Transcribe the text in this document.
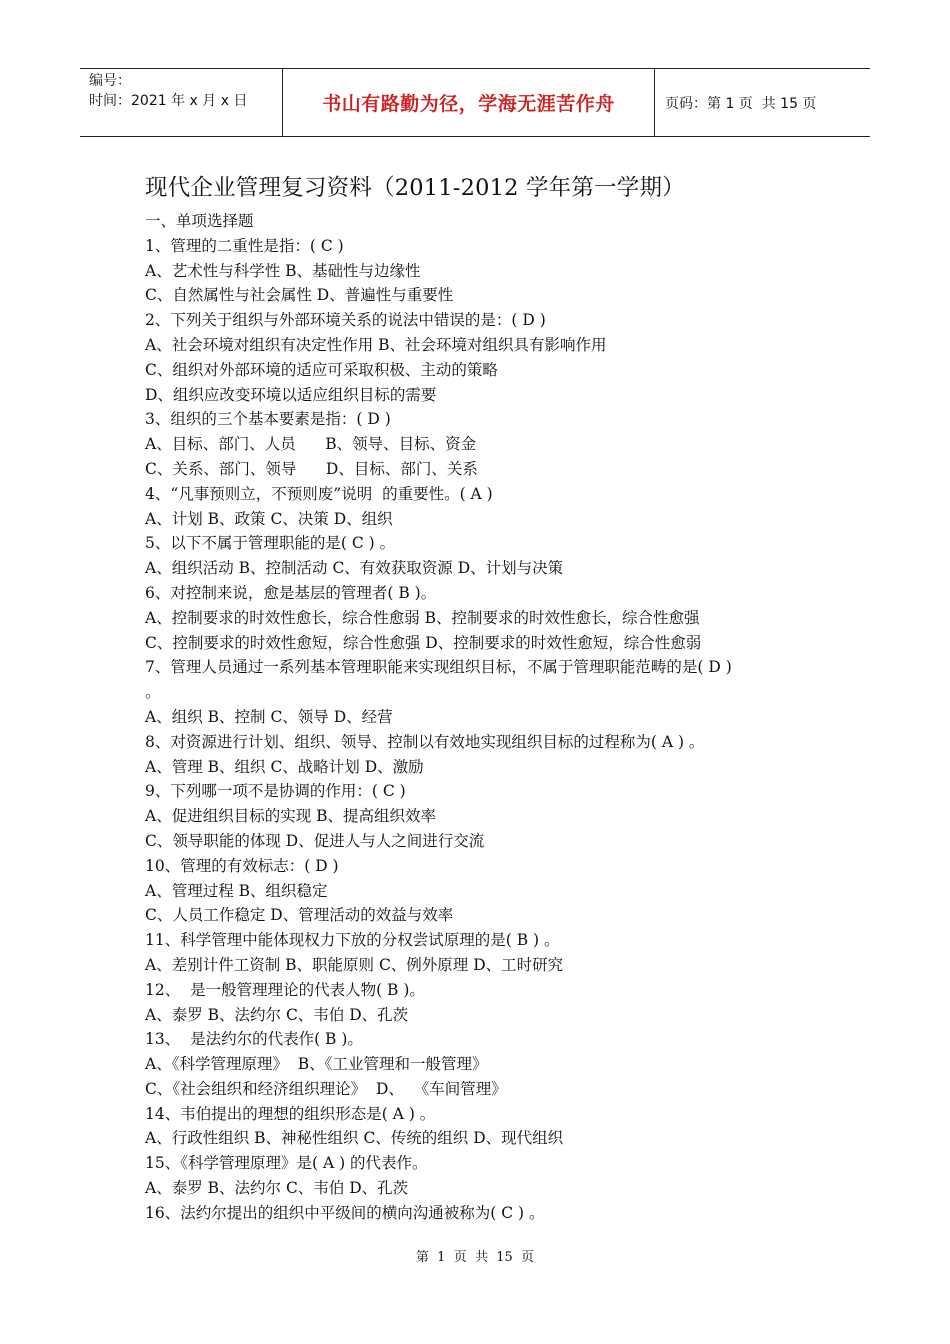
编号：
时间：2021 年 x 月 x 日	书山有路勤为径，学海无涯苦作舟	页码：第 1 页  共 15 页
现代企业管理复习资料（2011-2012 学年第一学期）
一、单项选择题
1、管理的二重性是指：( C )
A、艺术性与科学性 B、基础性与边缘性
C、自然属性与社会属性 D、普遍性与重要性
2、下列关于组织与外部环境关系的说法中错误的是：( D )
A、社会环境对组织有决定性作用 B、社会环境对组织具有影响作用
C、组织对外部环境的适应可采取积极、主动的策略
D、组织应改变环境以适应组织目标的需要
3、组织的三个基本要素是指：( D )
A、目标、部门、人员      B、领导、目标、资金
C、关系、部门、领导      D、目标、部门、关系
4、“凡事预则立，不预则废”说明  的重要性。( A )
A、计划 B、政策 C、决策 D、组织
5、以下不属于管理职能的是( C ) 。
A、组织活动 B、控制活动 C、有效获取资源 D、计划与决策
6、对控制来说，愈是基层的管理者( B )。
A、控制要求的时效性愈长，综合性愈弱 B、控制要求的时效性愈长，综合性愈强
C、控制要求的时效性愈短，综合性愈强 D、控制要求的时效性愈短，综合性愈弱
7、管理人员通过一系列基本管理职能来实现组织目标，不属于管理职能范畴的是( D )
。
A、组织 B、控制 C、领导 D、经营
8、对资源进行计划、组织、领导、控制以有效地实现组织目标的过程称为( A ) 。
A、管理 B、组织 C、战略计划 D、激励
9、下列哪一项不是协调的作用：( C )
A、促进组织目标的实现 B、提高组织效率
C、领导职能的体现 D、促进人与人之间进行交流
10、管理的有效标志：( D )
A、管理过程 B、组织稳定
C、人员工作稳定 D、管理活动的效益与效率
11、科学管理中能体现权力下放的分权尝试原理的是( B ) 。
A、差别计件工资制 B、职能原则 C、例外原理 D、工时研究
12、  是一般管理理论的代表人物( B )。
A、泰罗 B、法约尔 C、韦伯 D、孔茨
13、  是法约尔的代表作( B )。
A、《科学管理原理》  B、《工业管理和一般管理》
C、《社会组织和经济组织理论》  D、  《车间管理》
14、韦伯提出的理想的组织形态是( A ) 。
A、行政性组织 B、神秘性组织 C、传统的组织 D、现代组织
15、《科学管理原理》是( A ) 的代表作。
A、泰罗 B、法约尔 C、韦伯 D、孔茨
16、法约尔提出的组织中平级间的横向沟通被称为( C ) 。
第  1  页  共  15  页
